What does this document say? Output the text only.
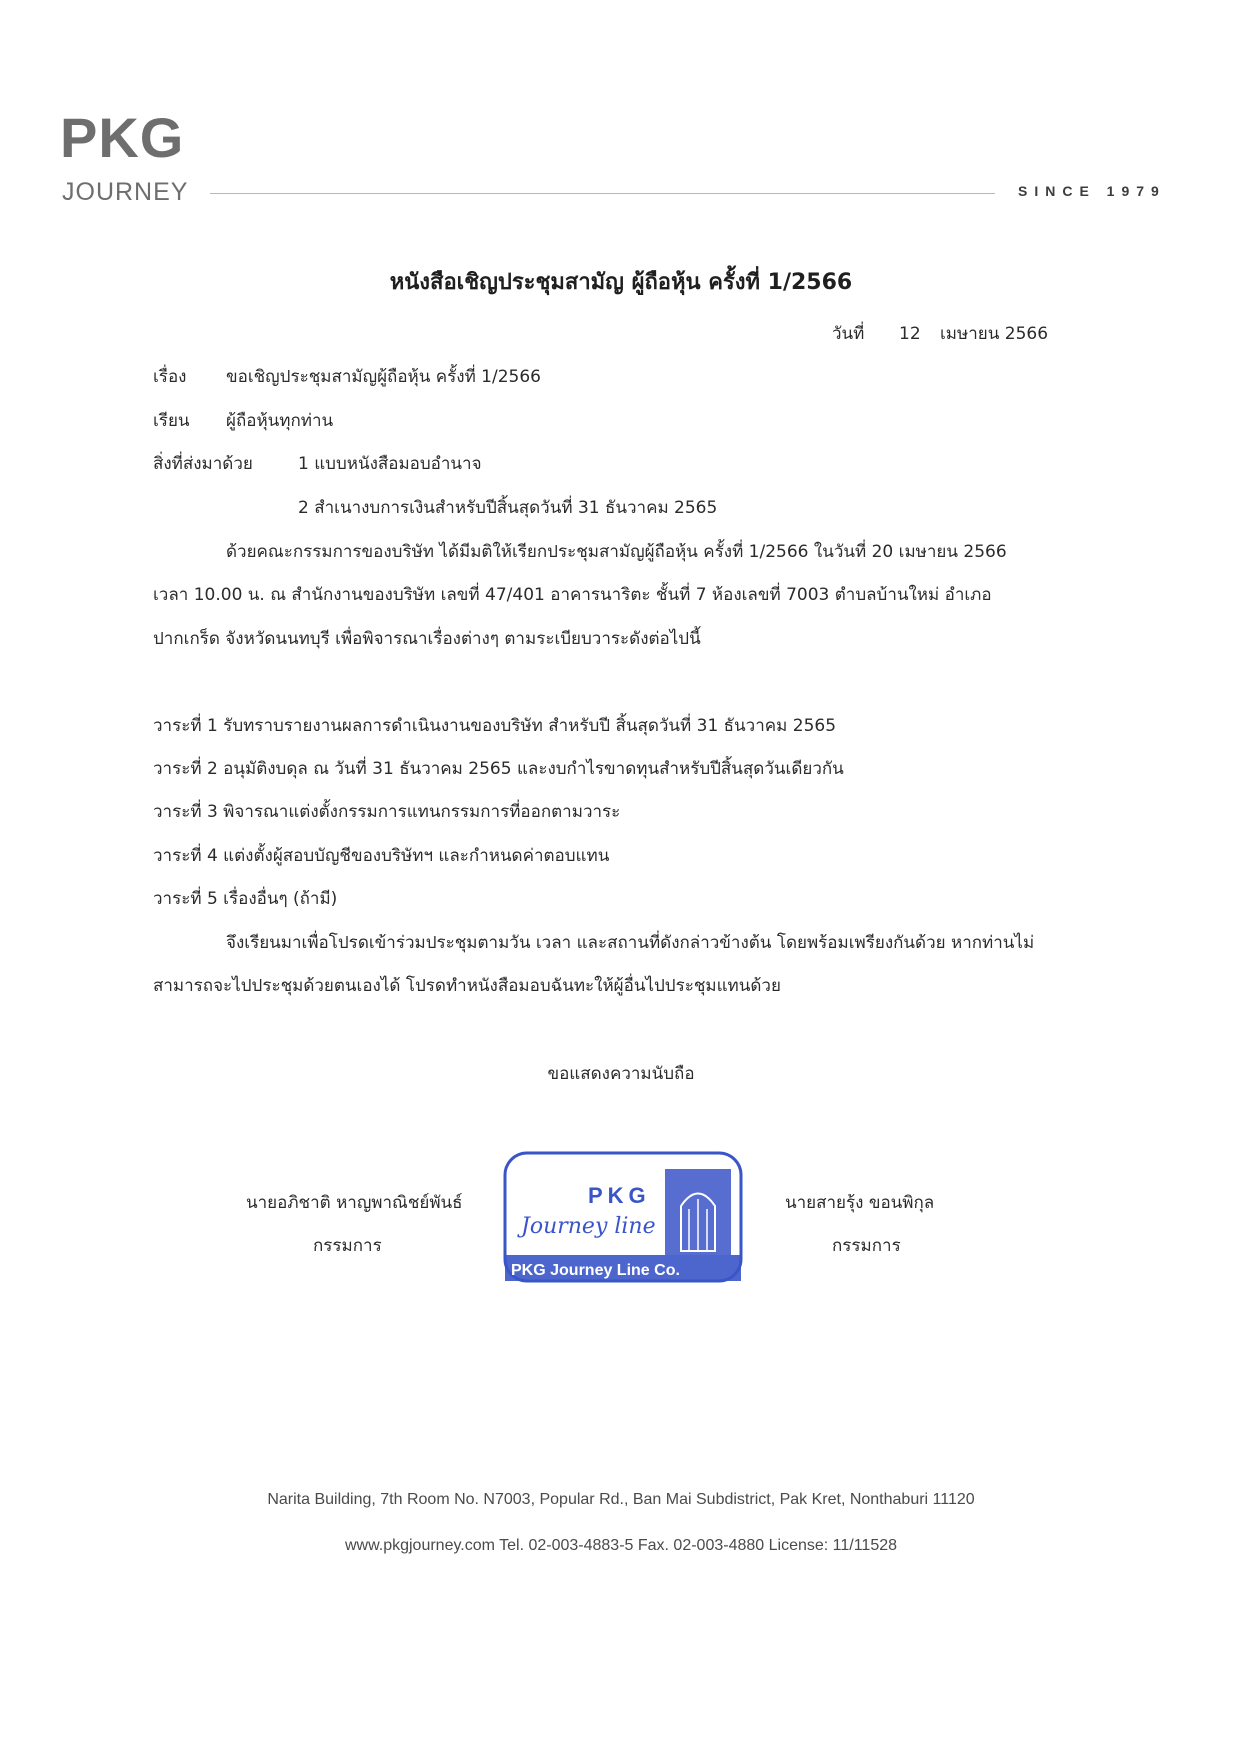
PKG
JOURNEY	SINCE 1979
หนังสือเชิญประชุมสามัญ ผู้ถือหุ้น ครั้งที่ 1/2566
วันที่ 12 เมษายน 2566
เรื่อง ขอเชิญประชุมสามัญผู้ถือหุ้น ครั้งที่ 1/2566
เรียน ผู้ถือหุ้นทุกท่าน
สิ่งที่ส่งมาด้วย	1 แบบหนังสือมอบอำนาจ
2 สำเนางบการเงินสำหรับปีสิ้นสุดวันที่ 31 ธันวาคม 2565
ด้วยคณะกรรมการของบริษัท ได้มีมติให้เรียกประชุมสามัญผู้ถือหุ้น ครั้งที่ 1/2566 ในวันที่ 20 เมษายน 2566
เวลา 10.00 น. ณ สำนักงานของบริษัท เลขที่ 47/401 อาคารนาริตะ ชั้นที่ 7 ห้องเลขที่ 7003 ตำบลบ้านใหม่ อำเภอ
ปากเกร็ด จังหวัดนนทบุรี เพื่อพิจารณาเรื่องต่างๆ ตามระเบียบวาระดังต่อไปนี้
วาระที่ 1 รับทราบรายงานผลการดำเนินงานของบริษัท สำหรับปี สิ้นสุดวันที่ 31 ธันวาคม 2565
วาระที่ 2 อนุมัติงบดุล ณ วันที่ 31 ธันวาคม 2565 และงบกำไรขาดทุนสำหรับปีสิ้นสุดวันเดียวกัน
วาระที่ 3 พิจารณาแต่งตั้งกรรมการแทนกรรมการที่ออกตามวาระ
วาระที่ 4 แต่งตั้งผู้สอบบัญชีของบริษัทฯ และกำหนดค่าตอบแทน
วาระที่ 5 เรื่องอื่นๆ (ถ้ามี)
จึงเรียนมาเพื่อโปรดเข้าร่วมประชุมตามวัน เวลา และสถานที่ดังกล่าวข้างต้น โดยพร้อมเพรียงกันด้วย หากท่านไม่
สามารถจะไปประชุมด้วยตนเองได้ โปรดทำหนังสือมอบฉันทะให้ผู้อื่นไปประชุมแทนด้วย
ขอแสดงความนับถือ
นายอภิชาติ หาญพาณิชย์พันธ์
กรรมการ
นายสายรุ้ง ขอนพิกุล
กรรมการ
PKG
Journey line
PKG Journey Line Co.
Narita Building, 7th Room No. N7003, Popular Rd., Ban Mai Subdistrict, Pak Kret, Nonthaburi 11120
www.pkgjourney.com Tel. 02-003-4883-5 Fax. 02-003-4880 License: 11/11528
